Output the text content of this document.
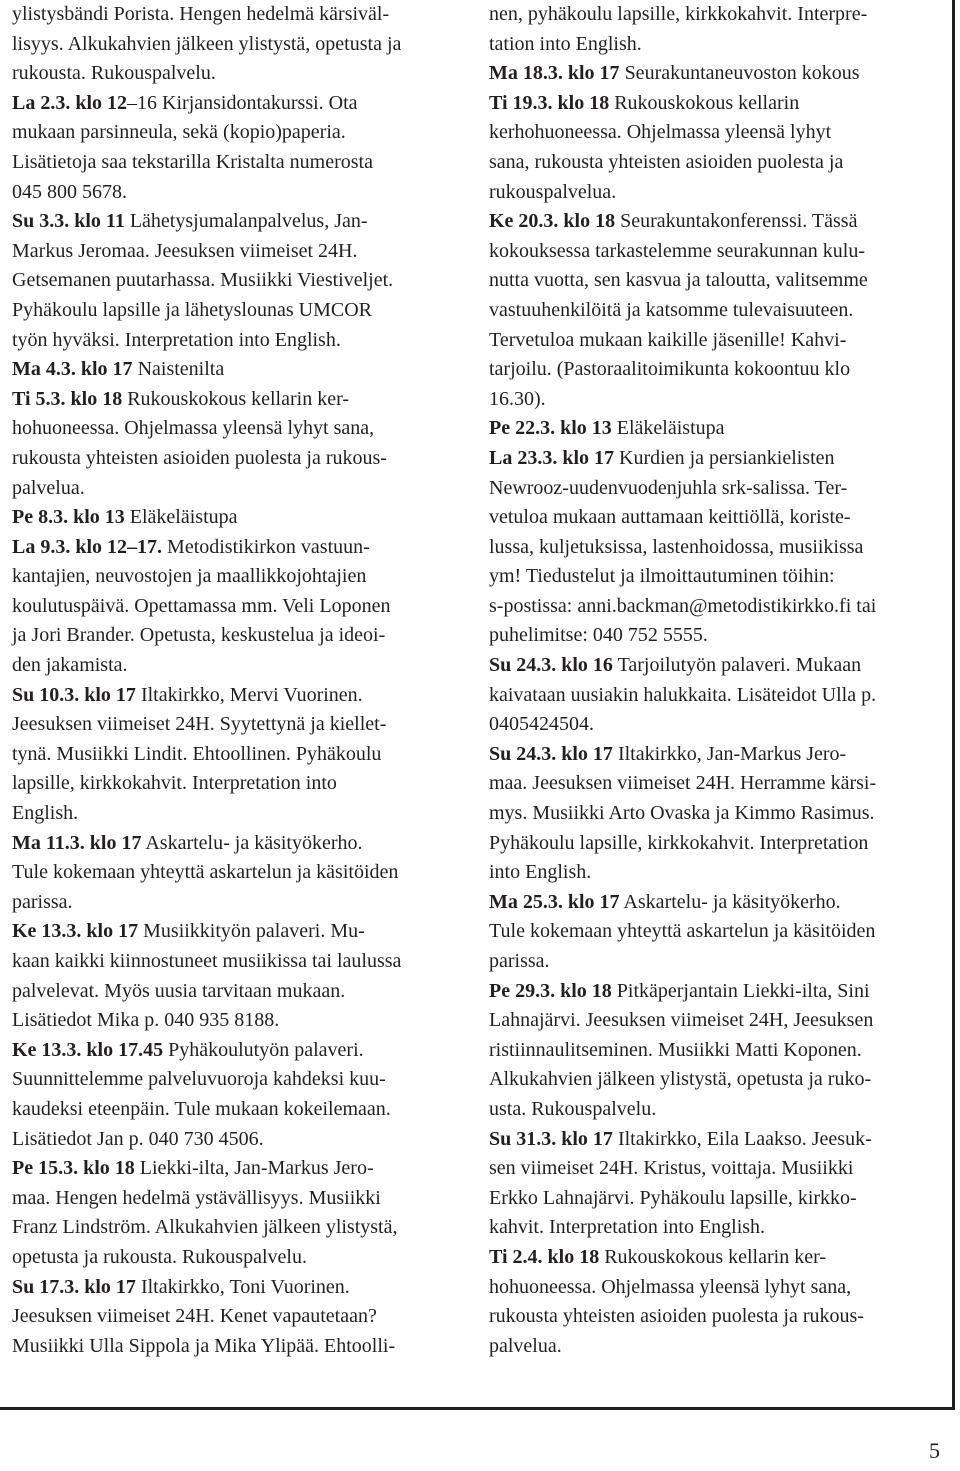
ylistysbändi Porista. Hengen hedelmä kärsiväl-
lisyys. Alkukahvien jälkeen ylistystä, opetusta ja
rukousta. Rukouspalvelu.
La 2.3. klo 12–16 Kirjansidontakurssi. Ota
mukaan parsinneula, sekä (kopio)paperia.
Lisätietoja saa tekstarilla Kristalta numerosta
045 800 5678.
Su 3.3. klo 11 Lähetysjumalanpalvelus, Jan-
Markus Jeromaa. Jeesuksen viimeiset 24H.
Getsemanen puutarhassa. Musiikki Viestiveljet.
Pyhäkoulu lapsille ja lähetyslounas UMCOR
työn hyväksi. Interpretation into English.
Ma 4.3. klo 17 Naistenilta
Ti 5.3. klo 18 Rukouskokous kellarin ker-
hohuoneessa. Ohjelmassa yleensä lyhyt sana,
rukousta yhteisten asioiden puolesta ja rukous-
palvelua.
Pe 8.3. klo 13 Eläkeläistupa
La 9.3. klo 12–17. Metodistikirkon vastuun-
kantajien, neuvostojen ja maallikkojohtajien
koulutuspäivä. Opettamassa mm. Veli Loponen
ja Jori Brander. Opetusta, keskustelua ja ideoi-
den jakamista.
Su 10.3. klo 17 Iltakirkko, Mervi Vuorinen.
Jeesuksen viimeiset 24H. Syytettynä ja kiellet-
tynä. Musiikki Lindit. Ehtoollinen. Pyhäkoulu
lapsille, kirkkokahvit. Interpretation into
English.
Ma 11.3. klo 17 Askartelu- ja käsityökerho.
Tule kokemaan yhteyttä askartelun ja käsitöiden
parissa.
Ke 13.3. klo 17 Musiikkityön palaveri. Mu-
kaan kaikki kiinnostuneet musiikissa tai laulussa
palvelevat. Myös uusia tarvitaan mukaan.
Lisätiedot Mika p. 040 935 8188.
Ke 13.3. klo 17.45 Pyhäkoulutyön palaveri.
Suunnittelemme palveluvuoroja kahdeksi kuu-
kaudeksi eteenpäin. Tule mukaan kokeilemaan.
Lisätiedot Jan p. 040 730 4506.
Pe 15.3. klo 18 Liekki-ilta, Jan-Markus Jero-
maa. Hengen hedelmä ystävällisyys. Musiikki
Franz Lindström. Alkukahvien jälkeen ylistystä,
opetusta ja rukousta. Rukouspalvelu.
Su 17.3. klo 17 Iltakirkko, Toni Vuorinen.
Jeesuksen viimeiset 24H. Kenet vapautetaan?
Musiikki Ulla Sippola ja Mika Ylipää. Ehtoolli-
nen, pyhäkoulu lapsille, kirkkokahvit. Interpre-
tation into English.
Ma 18.3. klo 17 Seurakuntaneuvoston kokous
Ti 19.3. klo 18 Rukouskokous kellarin
kerhohuoneessa. Ohjelmassa yleensä lyhyt
sana, rukousta yhteisten asioiden puolesta ja
rukouspalvelua.
Ke 20.3. klo 18 Seurakuntakonferenssi. Tässä
kokouksessa tarkastelemme seurakunnan kulu-
nutta vuotta, sen kasvua ja taloutta, valitsemme
vastuuhenkilöitä ja katsomme tulevaisuuteen.
Tervetuloa mukaan kaikille jäsenille! Kahvi-
tarjoilu. (Pastoraalitoimikunta kokoontuu klo
16.30).
Pe 22.3. klo 13 Eläkeläistupa
La 23.3. klo 17 Kurdien ja persiankielisten
Newrooz-uudenvuodenjuhla srk-salissa. Ter-
vetuloa mukaan auttamaan keittiöllä, koriste-
lussa, kuljetuksissa, lastenhoidossa, musiikissa
ym! Tiedustelut ja ilmoittautuminen töihin:
s-postissa: anni.backman@metodistikirkko.fi tai
puhelimitse: 040 752 5555.
Su 24.3. klo 16 Tarjoilutyön palaveri. Mukaan
kaivataan uusiakin halukkaita. Lisäteidot Ulla p.
0405424504.
Su 24.3. klo 17 Iltakirkko, Jan-Markus Jero-
maa. Jeesuksen viimeiset 24H. Herramme kärsi-
mys. Musiikki Arto Ovaska ja Kimmo Rasimus.
Pyhäkoulu lapsille, kirkkokahvit. Interpretation
into English.
Ma 25.3. klo 17 Askartelu- ja käsityökerho.
Tule kokemaan yhteyttä askartelun ja käsitöiden
parissa.
Pe 29.3. klo 18 Pitkäperjantain Liekki-ilta, Sini
Lahnajärvi. Jeesuksen viimeiset 24H, Jeesuksen
ristiinnaulitseminen. Musiikki Matti Koponen.
Alkukahvien jälkeen ylistystä, opetusta ja ruko-
usta. Rukouspalvelu.
Su 31.3. klo 17 Iltakirkko, Eila Laakso. Jeesuk-
sen viimeiset 24H. Kristus, voittaja. Musiikki
Erkko Lahnajärvi. Pyhäkoulu lapsille, kirkko-
kahvit. Interpretation into English.
Ti 2.4. klo 18 Rukouskokous kellarin ker-
hohuoneessa. Ohjelmassa yleensä lyhyt sana,
rukousta yhteisten asioiden puolesta ja rukous-
palvelua.
5
